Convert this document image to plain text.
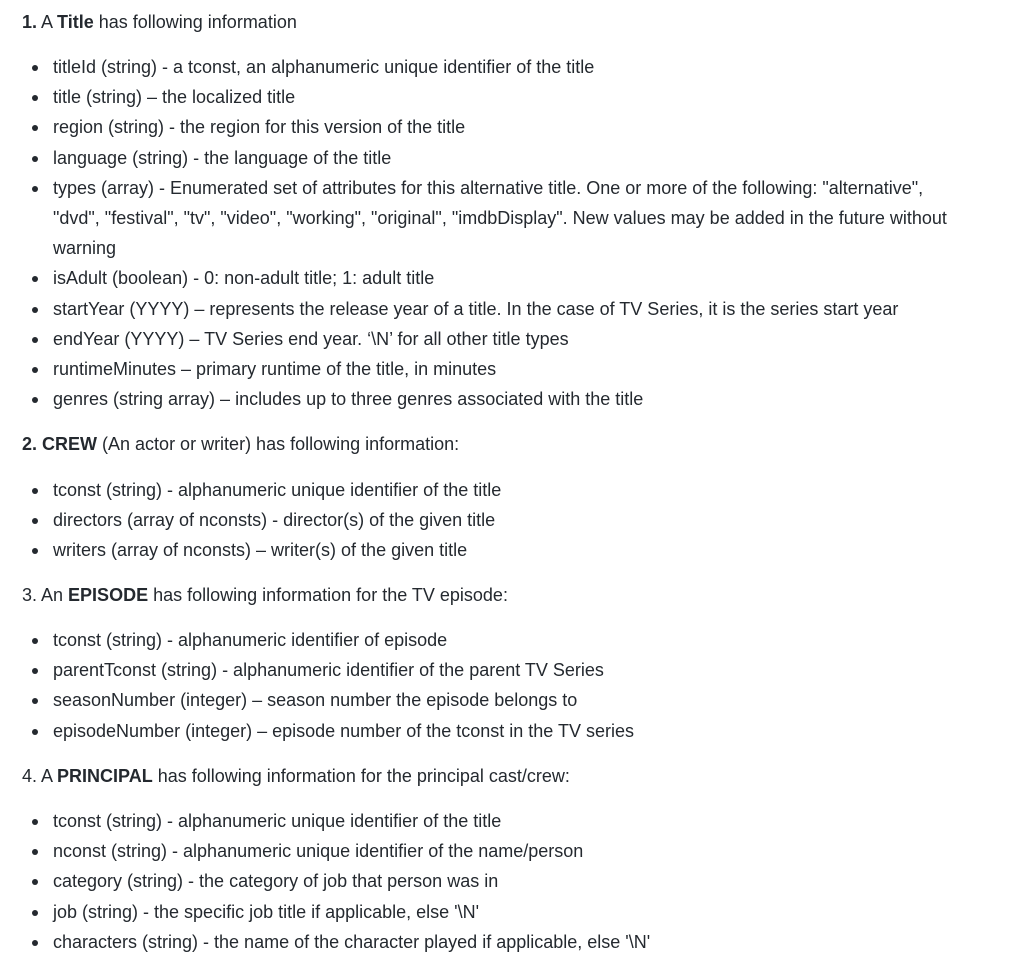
1. A Title has following information

titleId (string) - a tconst, an alphanumeric unique identifier of the title
title (string) – the localized title
region (string) - the region for this version of the title
language (string) - the language of the title
types (array) - Enumerated set of attributes for this alternative title. One or more of the following: "alternative",
"dvd", "festival", "tv", "video", "working", "original", "imdbDisplay". New values may be added in the future without
warning
isAdult (boolean) - 0: non-adult title; 1: adult title
startYear (YYYY) – represents the release year of a title. In the case of TV Series, it is the series start year
endYear (YYYY) – TV Series end year. ‘\N’ for all other title types
runtimeMinutes – primary runtime of the title, in minutes
genres (string array) – includes up to three genres associated with the title

2. CREW (An actor or writer) has following information:

tconst (string) - alphanumeric unique identifier of the title
directors (array of nconsts) - director(s) of the given title
writers (array of nconsts) – writer(s) of the given title

3. An EPISODE has following information for the TV episode:

tconst (string) - alphanumeric identifier of episode
parentTconst (string) - alphanumeric identifier of the parent TV Series
seasonNumber (integer) – season number the episode belongs to
episodeNumber (integer) – episode number of the tconst in the TV series

4. A PRINCIPAL has following information for the principal cast/crew:

tconst (string) - alphanumeric unique identifier of the title
nconst (string) - alphanumeric unique identifier of the name/person
category (string) - the category of job that person was in
job (string) - the specific job title if applicable, else '\N'
characters (string) - the name of the character played if applicable, else '\N'
